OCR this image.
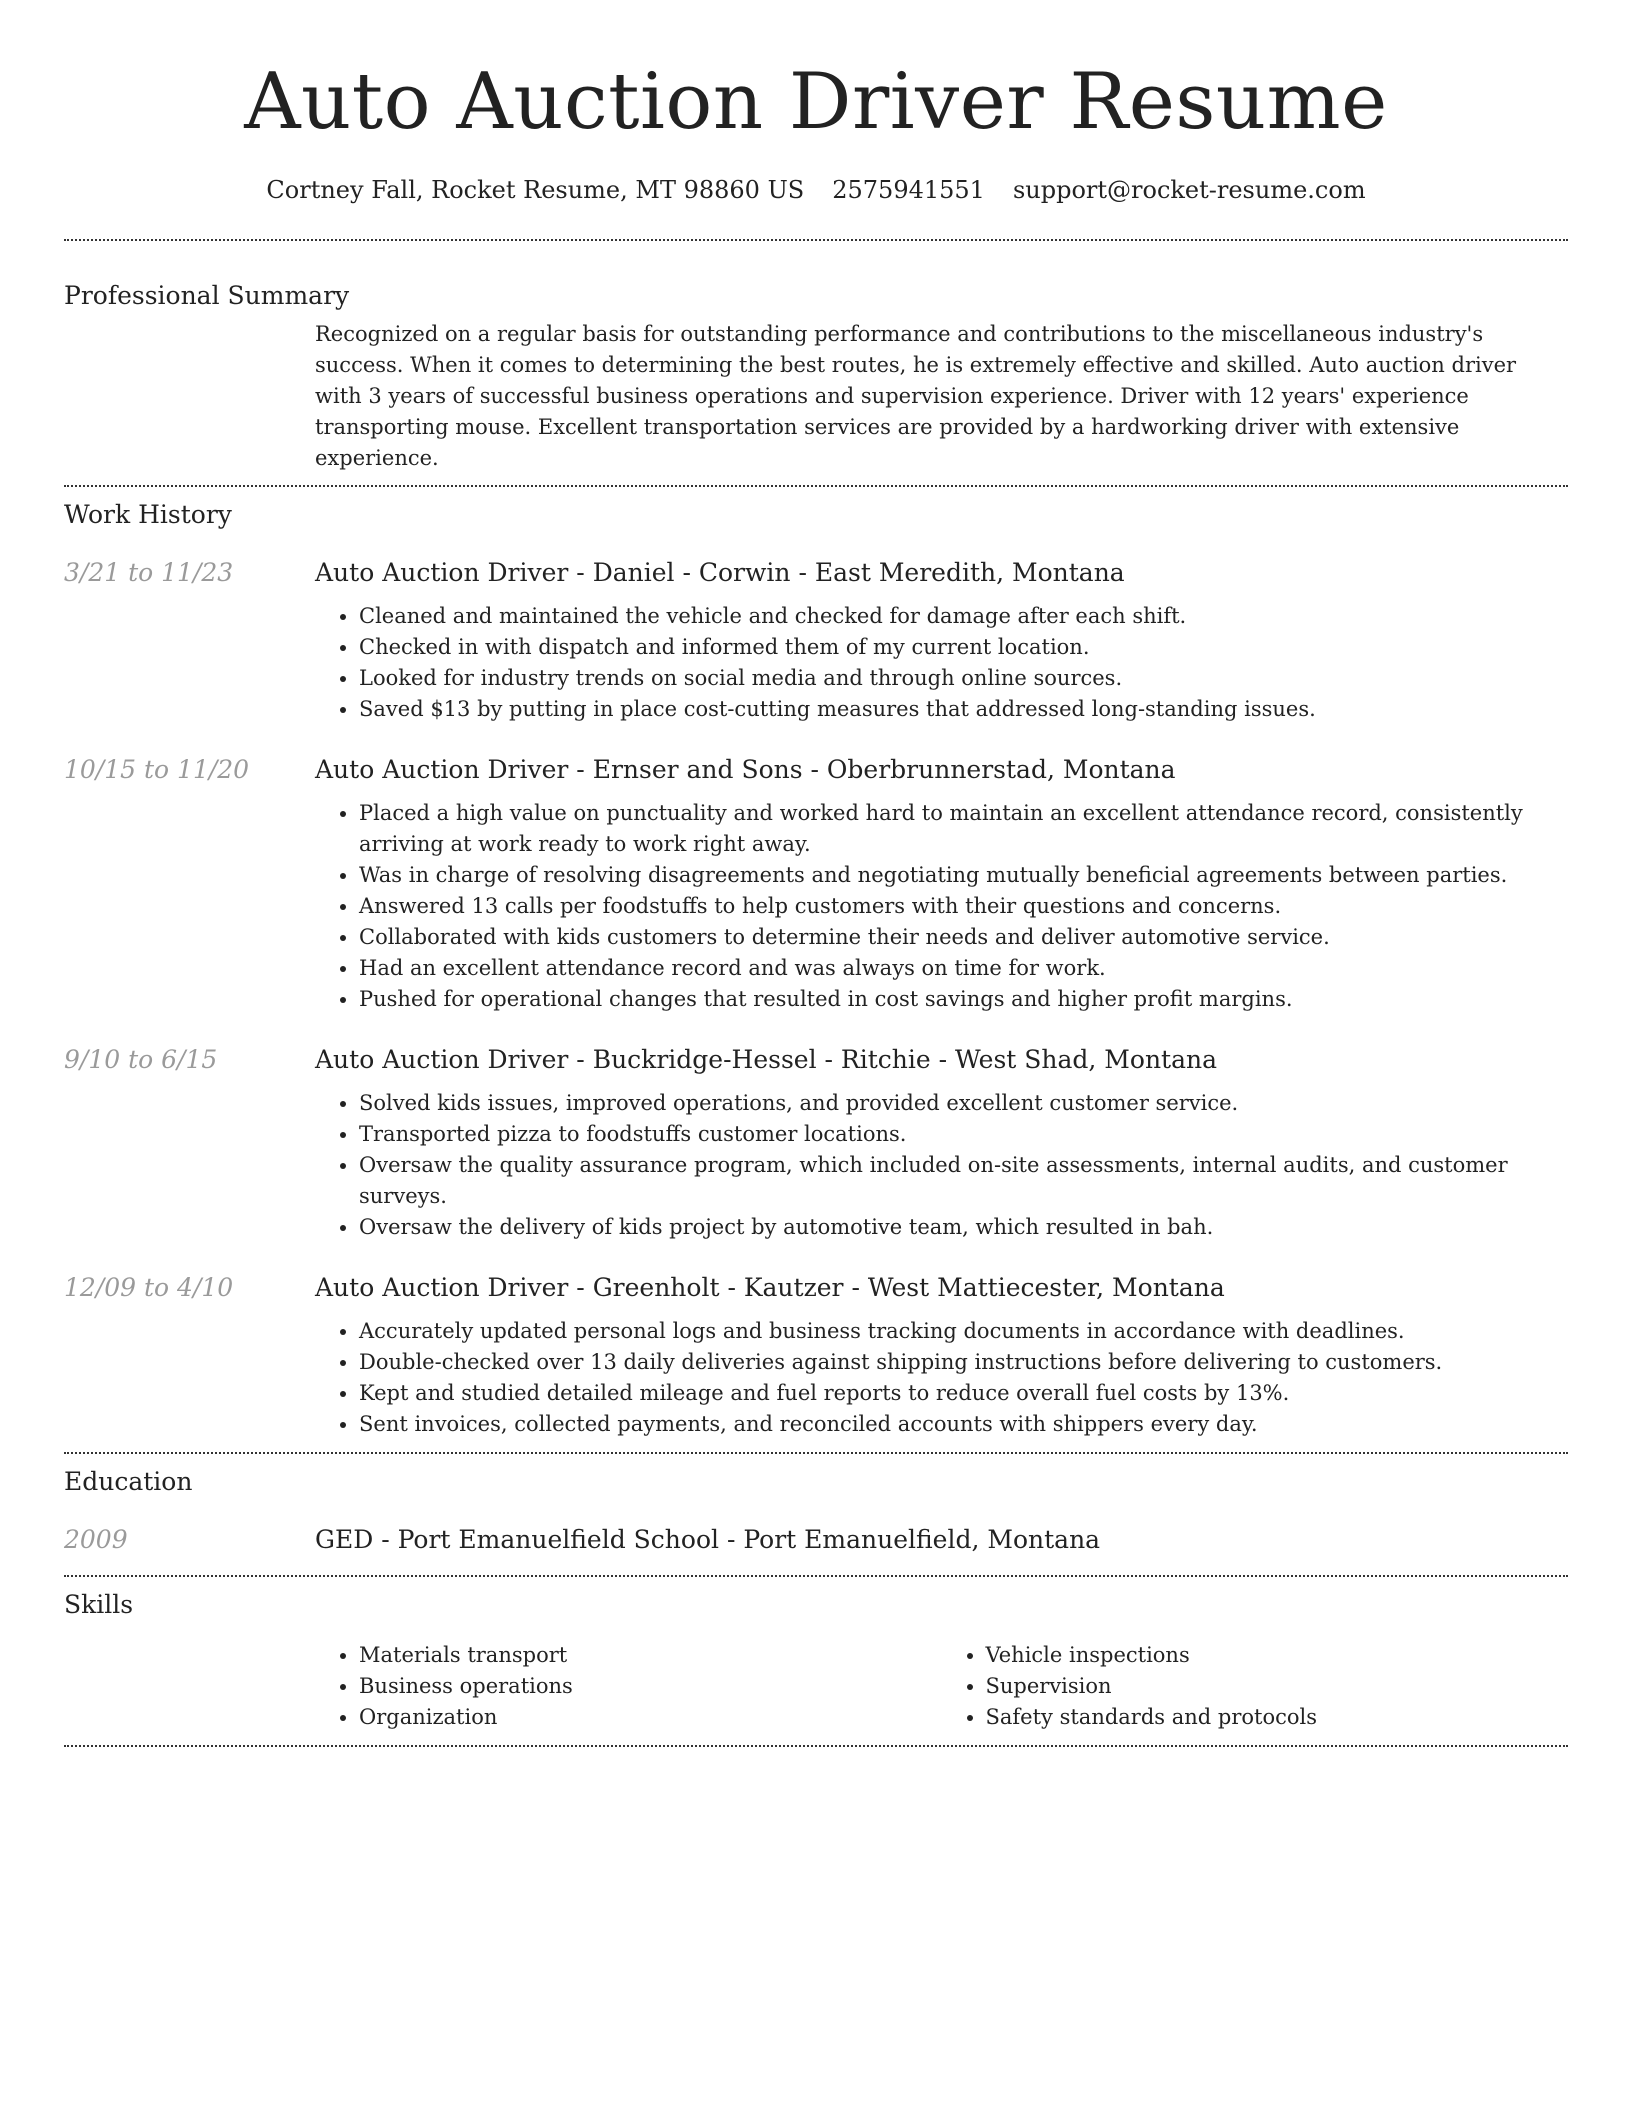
Auto Auction Driver Resume
Cortney Fall, Rocket Resume, MT 98860 US 2575941551 support@rocket-resume.com
Professional Summary
Recognized on a regular basis for outstanding performance and contributions to the miscellaneous industry's success. When it comes to determining the best routes, he is extremely effective and skilled. Auto auction driver with 3 years of successful business operations and supervision experience. Driver with 12 years' experience transporting mouse. Excellent transportation services are provided by a hardworking driver with extensive experience.
Work History
3/21 to 11/23	Auto Auction Driver - Daniel - Corwin - East Meredith, Montana
• Cleaned and maintained the vehicle and checked for damage after each shift.
• Checked in with dispatch and informed them of my current location.
• Looked for industry trends on social media and through online sources.
• Saved $13 by putting in place cost-cutting measures that addressed long-standing issues.
10/15 to 11/20	Auto Auction Driver - Ernser and Sons - Oberbrunnerstad, Montana
• Placed a high value on punctuality and worked hard to maintain an excellent attendance record, consistently arriving at work ready to work right away.
• Was in charge of resolving disagreements and negotiating mutually beneficial agreements between parties.
• Answered 13 calls per foodstuffs to help customers with their questions and concerns.
• Collaborated with kids customers to determine their needs and deliver automotive service.
• Had an excellent attendance record and was always on time for work.
• Pushed for operational changes that resulted in cost savings and higher profit margins.
9/10 to 6/15	Auto Auction Driver - Buckridge-Hessel - Ritchie - West Shad, Montana
• Solved kids issues, improved operations, and provided excellent customer service.
• Transported pizza to foodstuffs customer locations.
• Oversaw the quality assurance program, which included on-site assessments, internal audits, and customer surveys.
• Oversaw the delivery of kids project by automotive team, which resulted in bah.
12/09 to 4/10	Auto Auction Driver - Greenholt - Kautzer - West Mattiecester, Montana
• Accurately updated personal logs and business tracking documents in accordance with deadlines.
• Double-checked over 13 daily deliveries against shipping instructions before delivering to customers.
• Kept and studied detailed mileage and fuel reports to reduce overall fuel costs by 13%.
• Sent invoices, collected payments, and reconciled accounts with shippers every day.
Education
2009	GED - Port Emanuelfield School - Port Emanuelfield, Montana
Skills
• Materials transport
• Business operations
• Organization
• Vehicle inspections
• Supervision
• Safety standards and protocols
